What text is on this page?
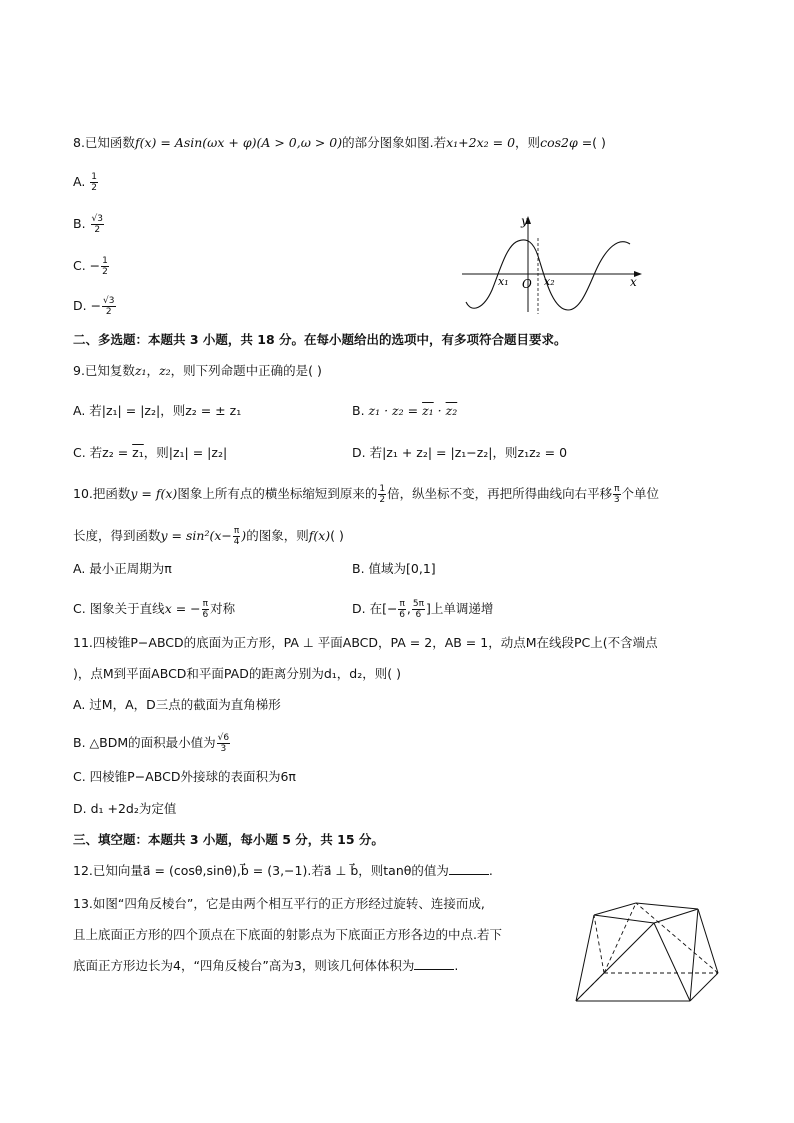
8.已知函数f(x) = Asin(ωx + φ)(A > 0,ω > 0)的部分图象如图.若x₁+2x₂ = 0，则cos2φ =( )
A. $\frac{1}{2}$
B. $\frac{√3}{2}$
C. − $\frac{1}{2}$
D. − $\frac{√3}{2}$
y
x
O
x₁	x₂
二、多选题：本题共 3 小题，共 18 分。在每小题给出的选项中，有多项符合题目要求。
9.已知复数z₁，z₂，则下列命题中正确的是( )
A. 若|z₁| = |z₂|，则z₂ = ± z₁	B. z₁ · z₂ = z₁ · z₂
C. 若z₂ = z₁，则|z₁| = |z₂|	D. 若|z₁ + z₂| = |z₁−z₂|，则z₁z₂ = 0
10.把函数y = f(x)图象上所有点的横坐标缩短到原来的 $\frac{1}{2}$ 倍，纵坐标不变，再把所得曲线向右平移 $\frac{\pi}{3}$ 个单位
长度，得到函数$y = \sin^2(x- \frac{\pi}{4}$ )的图象，则f(x)( )
A. 最小正周期为π	B. 值域为[0,1]
C. 图象关于直线x = − $\frac{\pi}{6}$ 对称	D. 在[− $\frac{\pi}{6}$ , $\frac{5\pi}{6}$ ]上单调递增
11.四棱锥P−ABCD的底面为正方形，PA ⊥ 平面ABCD，PA = 2，AB = 1，动点M在线段PC上(不含端点
)，点M到平面ABCD和平面PAD的距离分别为d₁，d₂，则( )
A. 过M，A，D三点的截面为直角梯形
B. △BDM的面积最小值为 $\frac{√6}{3}$
C. 四棱锥P−ABCD外接球的表面积为6π
D. d₁ +2d₂为定值
三、填空题：本题共 3 小题，每小题 5 分，共 15 分。
12.已知向量a⃗ = (cosθ,sinθ),b⃗ = (3,−1).若a⃗ ⊥ b⃗，则tanθ的值为	.
13.如图“四角反棱台”，它是由两个相互平行的正方形经过旋转、连接而成,
且上底面正方形的四个顶点在下底面的射影点为下底面正方形各边的中点.若下
底面正方形边长为4，“四角反棱台”高为3，则该几何体体积为	.
